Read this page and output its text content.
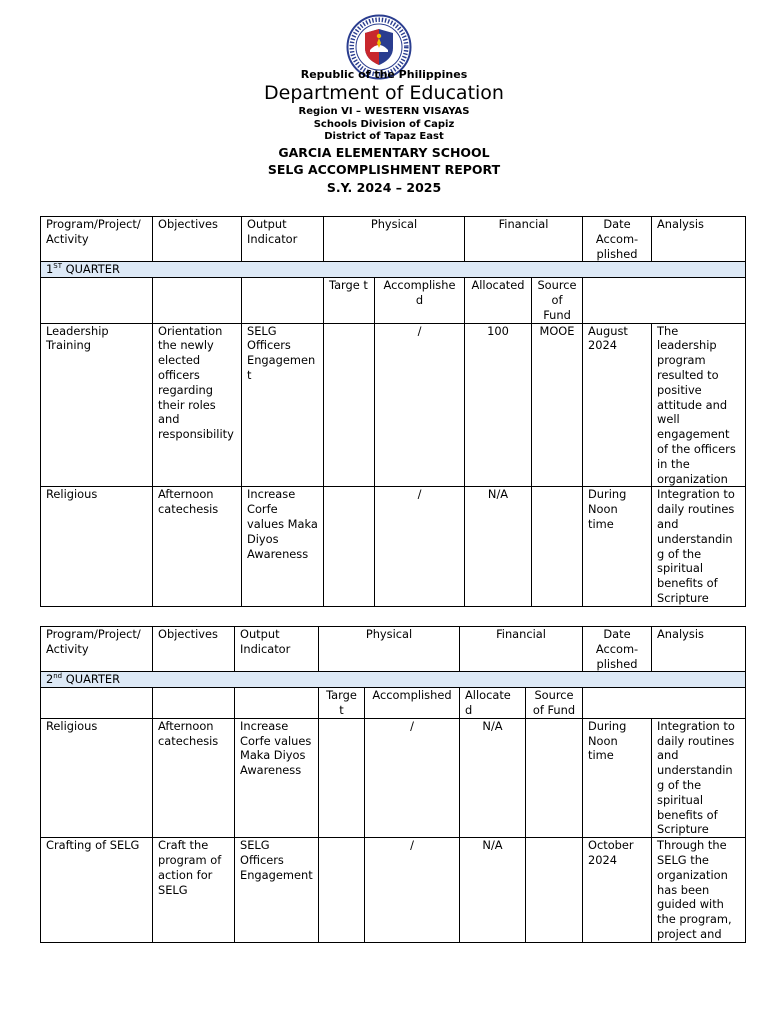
Republic of the Philippines
Department of Education
Region VI – WESTERN VISAYAS
Schools Division of Capiz
District of Tapaz East
GARCIA ELEMENTARY SCHOOL
SELG ACCOMPLISHMENT REPORT
S.Y. 2024 – 2025
Program/Project/ Activity	Objectives	Output Indicator	Physical		Financial		Date Accom-plished	Analysis
1ST QUARTER								
			Targe t	Accomplished	Allocated	Source of Fund		
Leadership Training	Orientation the newly elected officers regarding their roles and responsibility	SELG Officers Engagement		/	100	MOOE	August 2024	The leadership program resulted to positive attitude and well engagement of the officers in the organization
Religious	Afternoon catechesis	Increase Corfe values Maka Diyos Awareness		/	N/A		During Noon time	Integration to daily routines and understandin g of the spiritual benefits of Scripture
Program/Project/ Activity	Objectives	Output Indicator	Physical		Financial		Date Accom-plished	Analysis
2nd QUARTER								
			Target	Accomplished	Allocate d	Source of Fund		
Religious	Afternoon catechesis	Increase Corfe values Maka Diyos Awareness		/	N/A		During Noon time	Integration to daily routines and understandin g of the spiritual benefits of Scripture
Crafting of SELG	Craft the program of action for SELG	SELG Officers Engagement		/	N/A		October 2024	Through the SELG the organization has been guided with the program, project and
